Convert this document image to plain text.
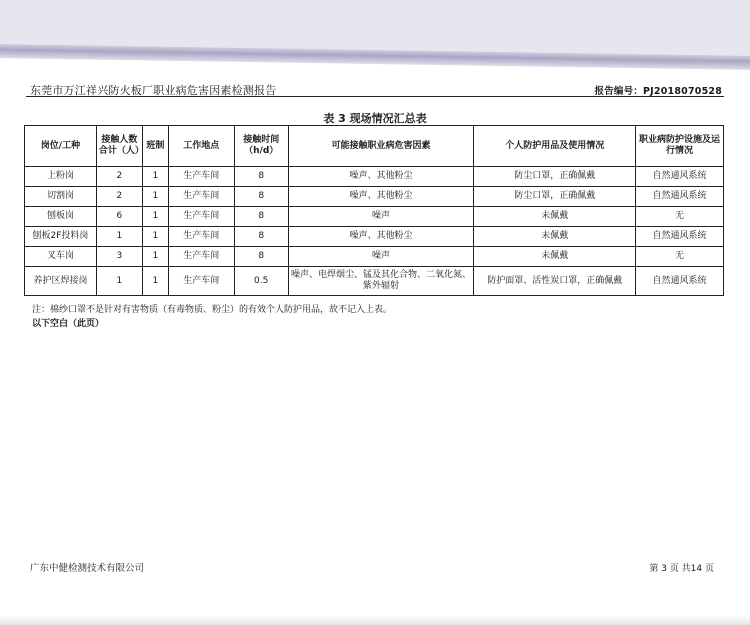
东莞市万江祥兴防火板厂职业病危害因素检测报告	报告编号：PJ2018070528
表 3 现场情况汇总表
岗位/工种	接触人数合计（人）	班制	工作地点	接触时间（h/d）	可能接触职业病危害因素	个人防护用品及使用情况	职业病防护设施及运行情况
上粉岗	2	1	生产车间	8	噪声、其他粉尘	防尘口罩，正确佩戴	自然通风系统
切割岗	2	1	生产车间	8	噪声、其他粉尘	防尘口罩，正确佩戴	自然通风系统
刨板岗	6	1	生产车间	8	噪声	未佩戴	无
刨板2F投料岗	1	1	生产车间	8	噪声、其他粉尘	未佩戴	自然通风系统
叉车岗	3	1	生产车间	8	噪声	未佩戴	无
养护区焊接岗	1	1	生产车间	0.5	噪声、电焊烟尘、锰及其化合物、二氧化氮、紫外辐射	防护面罩、活性炭口罩，正确佩戴	自然通风系统
注：棉纱口罩不是针对有害物质（有毒物质、粉尘）的有效个人防护用品，故不记入上表。
以下空白（此页）
广东中健检测技术有限公司	第 3 页 共14 页
